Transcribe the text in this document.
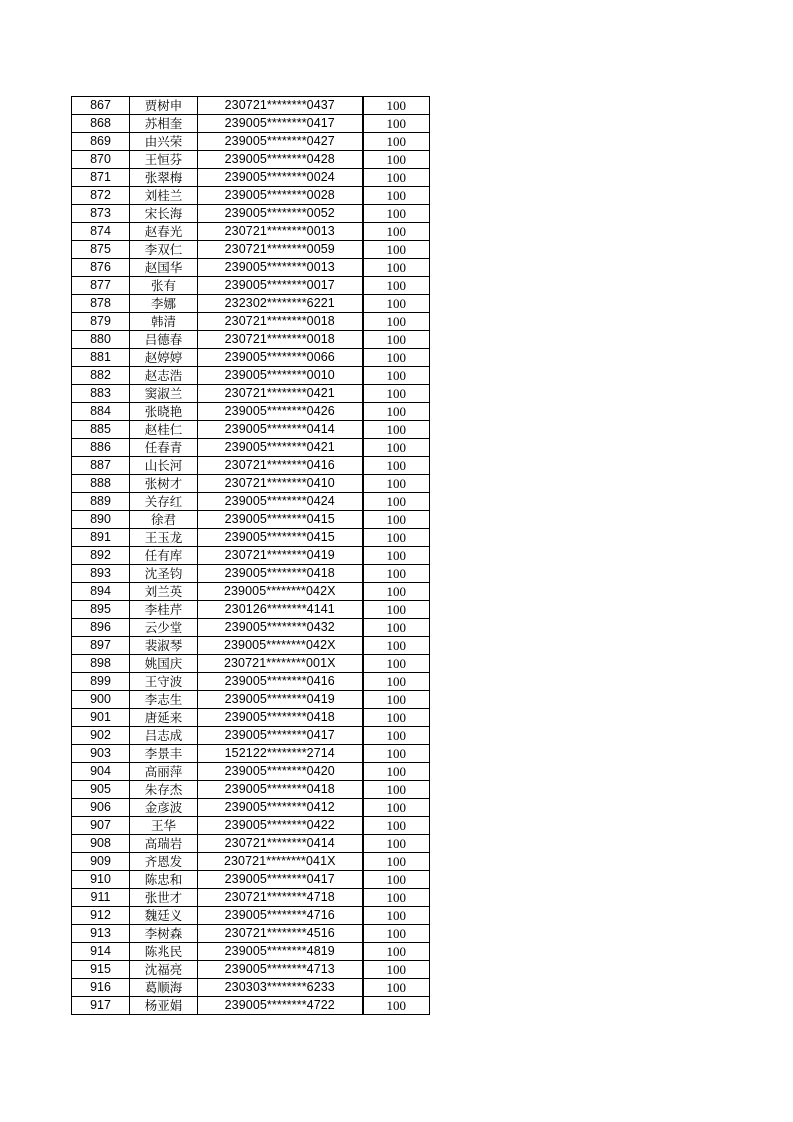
867	贾树申	230721********0437	100
868	苏相奎	239005********0417	100
869	由兴荣	239005********0427	100
870	王恒芬	239005********0428	100
871	张翠梅	239005********0024	100
872	刘桂兰	239005********0028	100
873	宋长海	239005********0052	100
874	赵春光	230721********0013	100
875	李双仁	230721********0059	100
876	赵国华	239005********0013	100
877	张有	239005********0017	100
878	李娜	232302********6221	100
879	韩清	230721********0018	100
880	吕德春	230721********0018	100
881	赵婷婷	239005********0066	100
882	赵志浩	239005********0010	100
883	窦淑兰	230721********0421	100
884	张晓艳	239005********0426	100
885	赵桂仁	239005********0414	100
886	任春青	239005********0421	100
887	山长河	230721********0416	100
888	张树才	230721********0410	100
889	关存红	239005********0424	100
890	徐君	239005********0415	100
891	王玉龙	239005********0415	100
892	任有库	230721********0419	100
893	沈圣钧	239005********0418	100
894	刘兰英	239005********042X	100
895	李桂芹	230126********4141	100
896	云少堂	239005********0432	100
897	裴淑琴	239005********042X	100
898	姚国庆	230721********001X	100
899	王守波	239005********0416	100
900	李志生	239005********0419	100
901	唐延来	239005********0418	100
902	吕志成	239005********0417	100
903	李景丰	152122********2714	100
904	高丽萍	239005********0420	100
905	朱存杰	239005********0418	100
906	金彦波	239005********0412	100
907	王华	239005********0422	100
908	高瑞岩	230721********0414	100
909	齐恩发	230721********041X	100
910	陈忠和	239005********0417	100
911	张世才	230721********4718	100
912	魏廷义	239005********4716	100
913	李树森	230721********4516	100
914	陈兆民	239005********4819	100
915	沈福亮	239005********4713	100
916	葛顺海	230303********6233	100
917	杨亚娟	239005********4722	100
